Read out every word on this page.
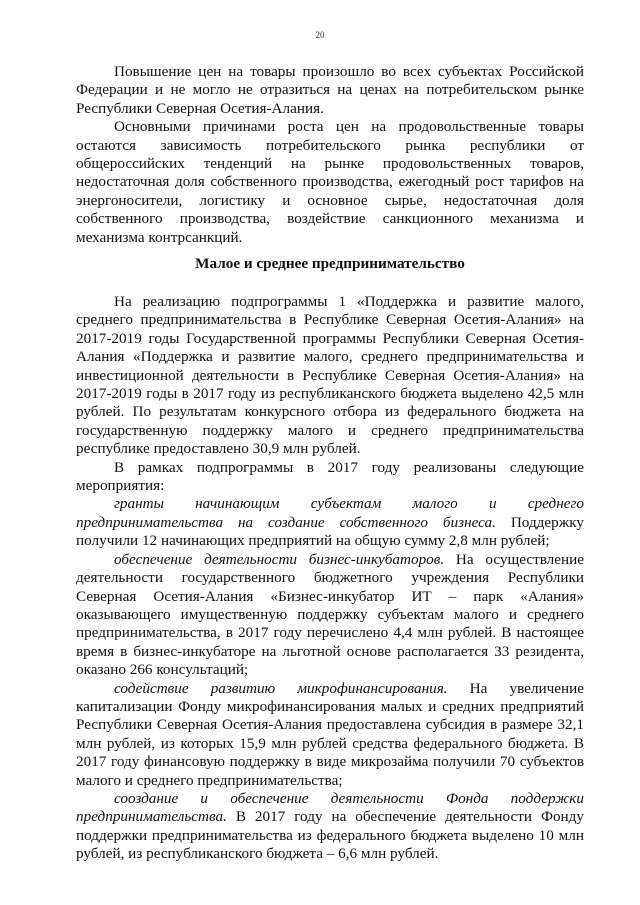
20

Повышение цен на товары произошло во всех субъектах Российской Федерации и не могло не отразиться на ценах на потребительском рынке Республики Северная Осетия-Алания.

Основными причинами роста цен на продовольственные товары остаются зависимость потребительского рынка республики от общероссийских тенденций на рынке продовольственных товаров, недостаточная доля собственного производства, ежегодный рост тарифов на энергоносители, логистику и основное сырье, недостаточная доля собственного производства, воздействие санкционного механизма и механизма контрсанкций.

Малое и среднее предпринимательство

На реализацию подпрограммы 1 «Поддержка и развитие малого, среднего предпринимательства в Республике Северная Осетия-Алания» на 2017-2019 годы Государственной программы Республики Северная Осетия-Алания «Поддержка и развитие малого, среднего предпринимательства и инвестиционной деятельности в Республике Северная Осетия-Алания» на 2017-2019 годы в 2017 году из республиканского бюджета выделено 42,5 млн рублей. По результатам конкурсного отбора из федерального бюджета на государственную поддержку малого и среднего предпринимательства республике предоставлено 30,9 млн рублей.

В рамках подпрограммы в 2017 году реализованы следующие мероприятия:

гранты начинающим субъектам малого и среднего предпринимательства на создание собственного бизнеса. Поддержку получили 12 начинающих предприятий на общую сумму 2,8 млн рублей;

обеспечение деятельности бизнес-инкубаторов. На осуществление деятельности государственного бюджетного учреждения Республики Северная Осетия-Алания «Бизнес-инкубатор ИТ – парк «Алания» оказывающего имущественную поддержку субъектам малого и среднего предпринимательства, в 2017 году перечислено 4,4 млн рублей. В настоящее время в бизнес-инкубаторе на льготной основе располагается 33 резидента, оказано 266 консультаций;

содействие развитию микрофинансирования. На увеличение капитализации Фонду микрофинансирования малых и средних предприятий Республики Северная Осетия-Алания предоставлена субсидия в размере 32,1 млн рублей, из которых 15,9 млн рублей средства федерального бюджета. В 2017 году финансовую поддержку в виде микрозайма получили 70 субъектов малого и среднего предпринимательства;

сооздание и обеспечение деятельности Фонда поддержки предпринимательства. В 2017 году на обеспечение деятельности Фонду поддержки предпринимательства из федерального бюджета выделено 10 млн рублей, из республиканского бюджета – 6,6 млн рублей.
